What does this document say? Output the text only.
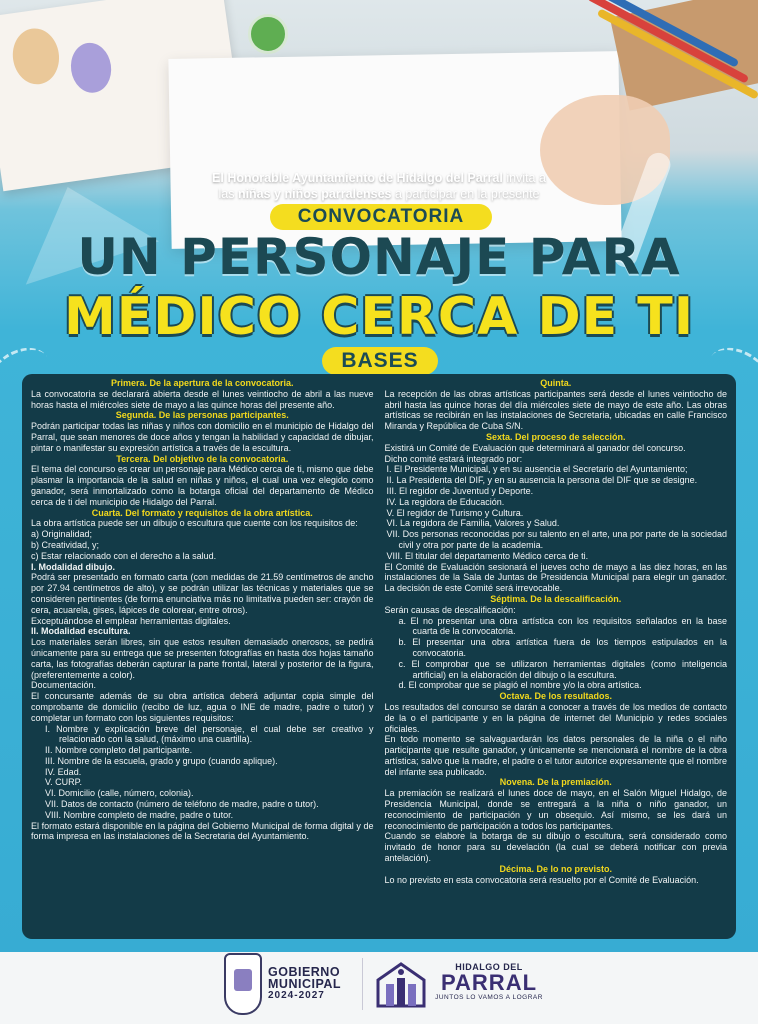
El Honorable Ayuntamiento de Hidalgo del Parral invita a
las niñas y niños parralenses a participar en la presente
CONVOCATORIA
UN PERSONAJE PARA
MÉDICO CERCA DE TI
BASES
Primera. De la apertura de la convocatoria.

La convocatoria se declarará abierta desde el lunes veintiocho de abril a las nueve horas hasta el miércoles siete de mayo a las quince horas del presente año.

Segunda. De las personas participantes.

Podrán participar todas las niñas y niños con domicilio en el municipio de Hidalgo del Parral, que sean menores de doce años y tengan la habilidad y capacidad de dibujar, pintar o manifestar su expresión artística a través de la escultura.

Tercera. Del objetivo de la convocatoria.

El tema del concurso es crear un personaje para Médico cerca de ti, mismo que debe plasmar la importancia de la salud en niñas y niños, el cual una vez elegido como ganador, será inmortalizado como la botarga oficial del departamento de Médico cerca de ti del municipio de Hidalgo del Parral.

Cuarta. Del formato y requisitos de la obra artística.

La obra artística puede ser un dibujo o escultura que cuente con los requisitos de:

a) Originalidad;
b) Creatividad, y;
c) Estar relacionado con el derecho a la salud.
I. Modalidad dibujo.

Podrá ser presentado en formato carta (con medidas de 21.59 centímetros de ancho por 27.94 centímetros de alto), y se podrán utilizar las técnicas y materiales que se consideren pertinentes (de forma enunciativa más no limitativa pueden ser: crayón de cera, acuarela, gises, lápices de colorear, entre otros).

Exceptuándose el emplear herramientas digitales.

II. Modalidad escultura.

Los materiales serán libres, sin que estos resulten demasiado onerosos, se pedirá únicamente para su entrega que se presenten fotografías en hasta dos hojas tamaño carta, las fotografías deberán capturar la parte frontal, lateral y posterior de la figura, (preferentemente a color).

Documentación.

El concursante además de su obra artística deberá adjuntar copia simple del comprobante de domicilio (recibo de luz, agua o INE de madre, padre o tutor) y completar un formato con los siguientes requisitos:

I. Nombre y explicación breve del personaje, el cual debe ser creativo y relacionado con la salud, (máximo una cuartilla).
II. Nombre completo del participante.
III. Nombre de la escuela, grado y grupo (cuando aplique).
IV. Edad.
V. CURP.
VI. Domicilio (calle, número, colonia).
VII. Datos de contacto (número de teléfono de madre, padre o tutor).
VIII. Nombre completo de madre, padre o tutor.

El formato estará disponible en la página del Gobierno Municipal de forma digital y de forma impresa en las instalaciones de la Secretaria del Ayuntamiento.

Quinta.

La recepción de las obras artísticas participantes será desde el lunes veintiocho de abril hasta las quince horas del día miércoles siete de mayo de este año. Las obras artísticas se recibirán en las instalaciones de Secretaria, ubicadas en calle Francisco Miranda y República de Cuba S/N.

Sexta. Del proceso de selección.

Existirá un Comité de Evaluación que determinará al ganador del concurso.

Dicho comité estará integrado por:

I. El Presidente Municipal, y en su ausencia el Secretario del Ayuntamiento;
II. La Presidenta del DIF, y en su ausencia la persona del DIF que se designe.
III. El regidor de Juventud y Deporte.
IV. La regidora de Educación.
V. El regidor de Turismo y Cultura.
VI. La regidora de Familia, Valores y Salud.
VII. Dos personas reconocidas por su talento en el arte, una por parte de la sociedad civil y otra por parte de la academia.
VIII. El titular del departamento Médico cerca de ti.

El Comité de Evaluación sesionará el jueves ocho de mayo a las diez horas, en las instalaciones de la Sala de Juntas de Presidencia Municipal para elegir un ganador. La decisión de este Comité será irrevocable.

Séptima. De la descalificación.

Serán causas de descalificación:

a. El no presentar una obra artística con los requisitos señalados en la base cuarta de la convocatoria.
b. El presentar una obra artística fuera de los tiempos estipulados en la convocatoria.
c. El comprobar que se utilizaron herramientas digitales (como inteligencia artificial) en la elaboración del dibujo o la escultura.
d. El comprobar que se plagió el nombre y/o la obra artística.
Octava. De los resultados.

Los resultados del concurso se darán a conocer a través de los medios de contacto de la o el participante y en la página de internet del Municipio y redes sociales oficiales.

En todo momento se salvaguardarán los datos personales de la niña o el niño participante que resulte ganador, y únicamente se mencionará el nombre de la obra artística; salvo que la madre, el padre o el tutor autorice expresamente que el nombre del infante sea publicado.

Novena. De la premiación.

La premiación se realizará el lunes doce de mayo, en el Salón Miguel Hidalgo, de Presidencia Municipal, donde se entregará a la niña o niño ganador, un reconocimiento de participación y un obsequio. Así mismo, se les dará un reconocimiento de participación a todos los participantes.

Cuando se elabore la botarga de su dibujo o escultura, será considerado como invitado de honor para su develación (la cual se deberá notificar con previa antelación).

Décima. De lo no previsto.

Lo no previsto en esta convocatoria será resuelto por el Comité de Evaluación.

GOBIERNO
MUNICIPAL
2024-2027
HIDALGO DEL
PARRAL
JUNTOS LO VAMOS A LOGRAR
